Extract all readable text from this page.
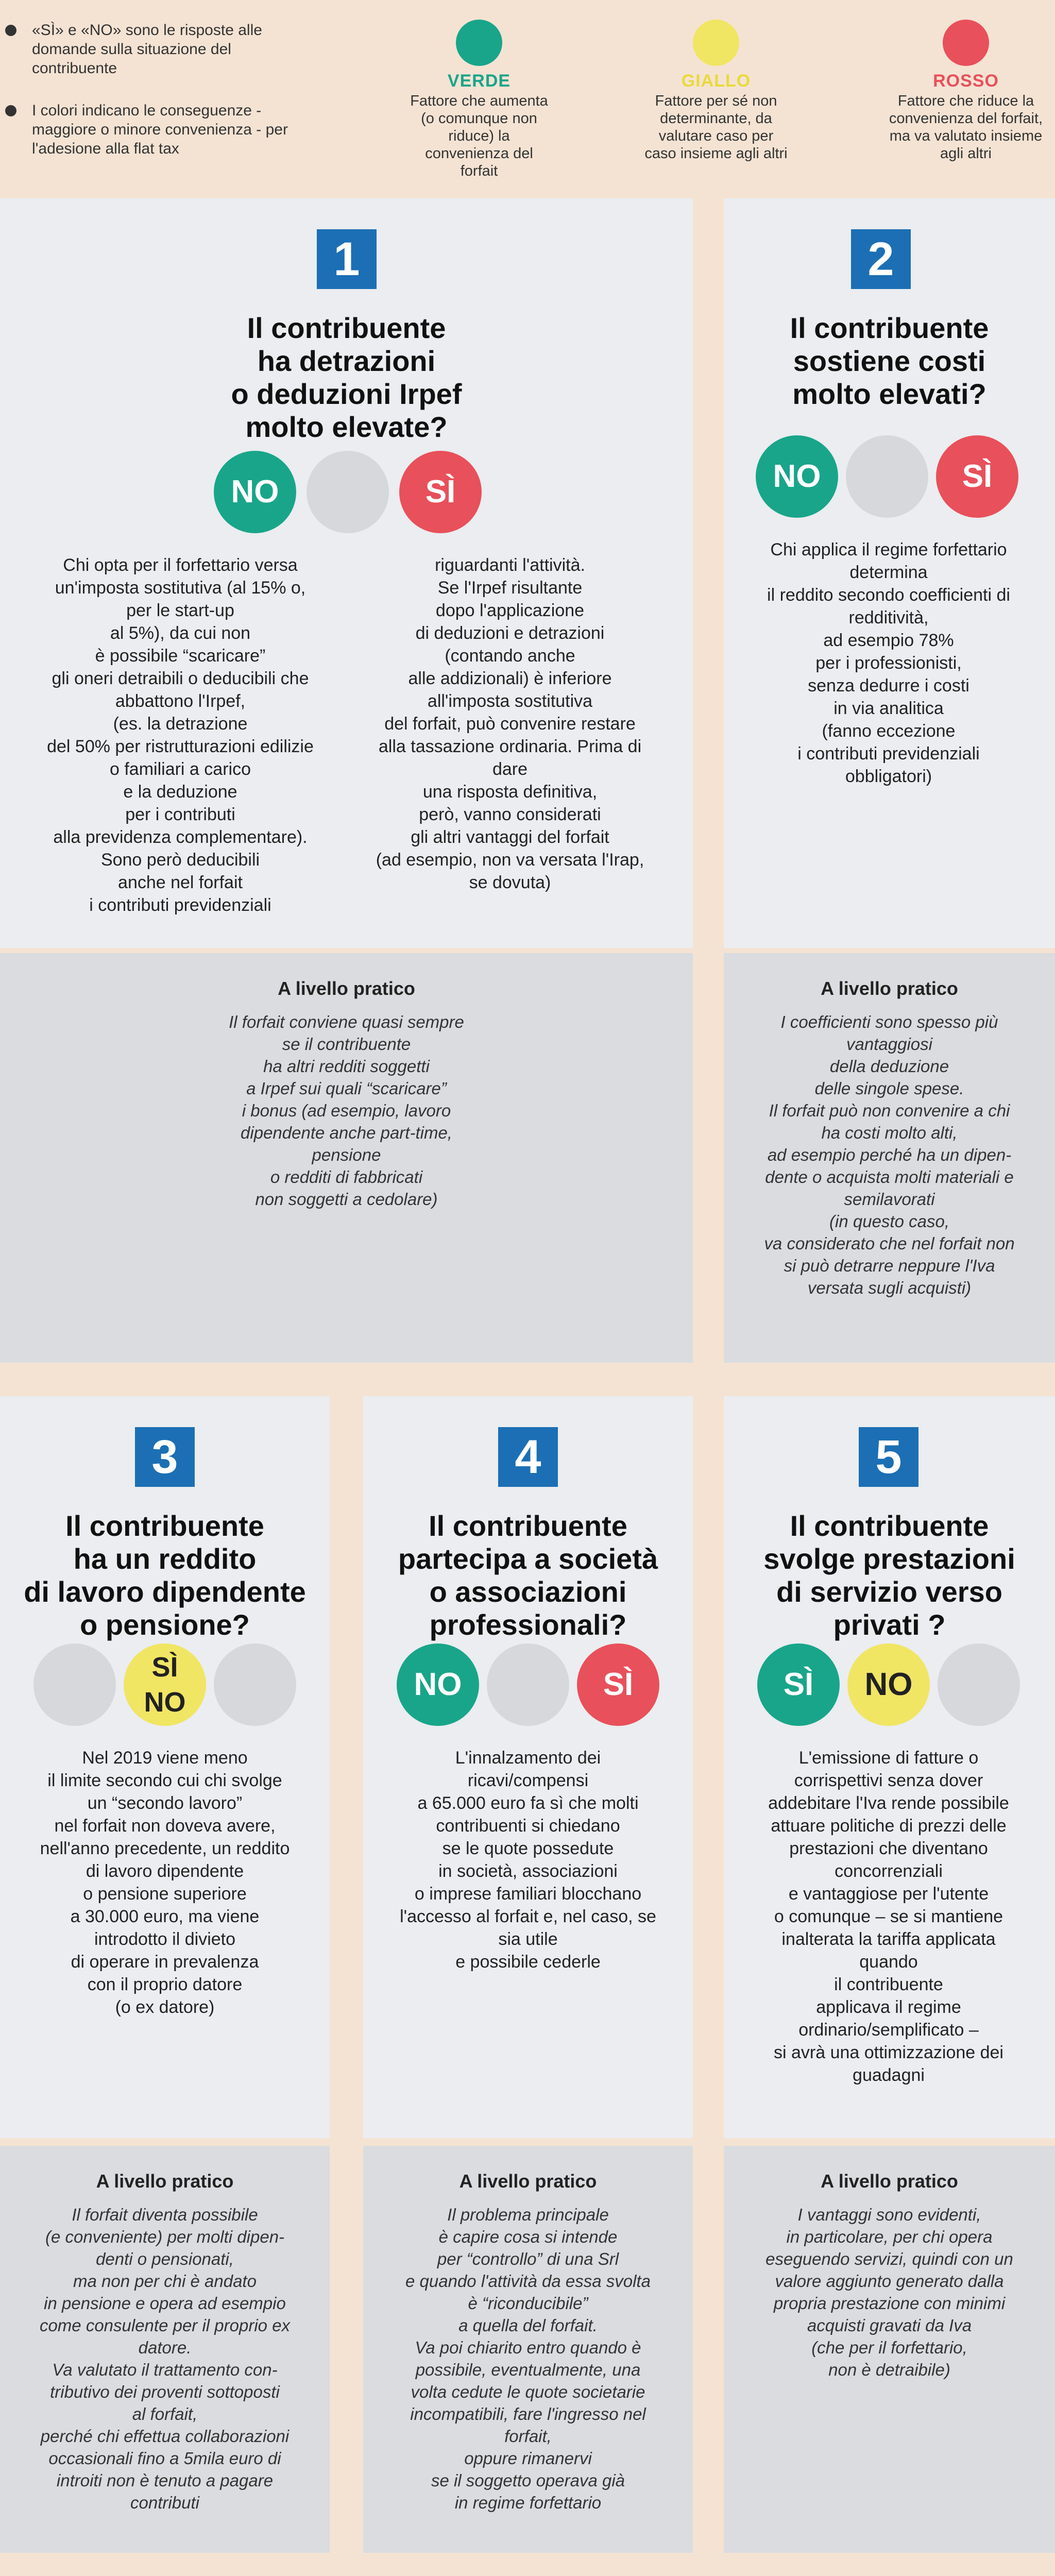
«SÌ» e «NO» sono le risposte alle domande sulla situazione del contribuente
I colori indicano le conseguenze - maggiore o minore convenienza - per l'adesione alla flat tax
VERDE
Fattore che aumenta (o comunque non riduce) la convenienza del forfait
GIALLO
Fattore per sé non determinante, da valutare caso per caso insieme agli altri
ROSSO
Fattore che riduce la convenienza del forfait, ma va valutato insieme agli altri
1
Il contribuente
ha detrazioni
o deduzioni Irpef
molto elevate?
NO	SÌ
Chi opta per il forfettario versa
un'imposta sostitutiva (al 15% o,
per le start-up
al 5%), da cui non
è possibile “scaricare”
gli oneri detraibili o deducibili che
abbattono l'Irpef,
(es. la detrazione
del 50% per ristrutturazioni edilizie
o familiari a carico
e la deduzione
per i contributi
alla previdenza complementare).
Sono però deducibili
anche nel forfait
i contributi previdenziali
riguardanti l'attività.
Se l'Irpef risultante
dopo l'applicazione
di deduzioni e detrazioni
(contando anche
alle addizionali) è inferiore
all'imposta sostitutiva
del forfait, può convenire restare
alla tassazione ordinaria. Prima di
dare
una risposta definitiva,
però, vanno considerati
gli altri vantaggi del forfait
(ad esempio, non va versata l'Irap,
se dovuta)
2
Il contribuente
sostiene costi
molto elevati?
NO	SÌ
Chi applica il regime forfettario
determina
il reddito secondo coefficienti di
redditività,
ad esempio 78%
per i professionisti,
senza dedurre i costi
in via analitica
(fanno eccezione
i contributi previdenziali
obbligatori)
A livello pratico
Il forfait conviene quasi sempre
se il contribuente
ha altri redditi soggetti
a Irpef sui quali “scaricare”
i bonus (ad esempio, lavoro
dipendente anche part-time,
pensione
o redditi di fabbricati
non soggetti a cedolare)
A livello pratico
I coefficienti sono spesso più
vantaggiosi
della deduzione
delle singole spese.
Il forfait può non convenire a chi
ha costi molto alti,
ad esempio perché ha un dipen-
dente o acquista molti materiali e
semilavorati
(in questo caso,
va considerato che nel forfait non
si può detrarre neppure l'Iva
versata sugli acquisti)
3
Il contribuente
ha un reddito
di lavoro dipendente
o pensione?
SÌ
NO
Nel 2019 viene meno
il limite secondo cui chi svolge
un “secondo lavoro”
nel forfait non doveva avere,
nell'anno precedente, un reddito
di lavoro dipendente
o pensione superiore
a 30.000 euro, ma viene
introdotto il divieto
di operare in prevalenza
con il proprio datore
(o ex datore)
4
Il contribuente
partecipa a società
o associazioni
professionali?
NO	SÌ
L'innalzamento dei
ricavi/compensi
a 65.000 euro fa sì che molti
contribuenti si chiedano
se le quote possedute
in società, associazioni
o imprese familiari blocchano
l'accesso al forfait e, nel caso, se
sia utile
e possibile cederle
5
Il contribuente
svolge prestazioni
di servizio verso
privati ?
SÌ	NO
L'emissione di fatture o
corrispettivi senza dover
addebitare l'Iva rende possibile
attuare politiche di prezzi delle
prestazioni che diventano
concorrenziali
e vantaggiose per l'utente
o comunque – se si mantiene
inalterata la tariffa applicata
quando
il contribuente
applicava il regime
ordinario/semplificato –
si avrà una ottimizzazione dei
guadagni
A livello pratico
Il forfait diventa possibile
(e conveniente) per molti dipen-
denti o pensionati,
ma non per chi è andato
in pensione e opera ad esempio
come consulente per il proprio ex
datore.
Va valutato il trattamento con-
tributivo dei proventi sottoposti
al forfait,
perché chi effettua collaborazioni
occasionali fino a 5mila euro di
introiti non è tenuto a pagare
contributi
A livello pratico
Il problema principale
è capire cosa si intende
per “controllo” di una Srl
e quando l'attività da essa svolta
è “riconducibile”
a quella del forfait.
Va poi chiarito entro quando è
possibile, eventualmente, una
volta cedute le quote societarie
incompatibili, fare l'ingresso nel
forfait,
oppure rimanervi
se il soggetto operava già
in regime forfettario
A livello pratico
I vantaggi sono evidenti,
in particolare, per chi opera
eseguendo servizi, quindi con un
valore aggiunto generato dalla
propria prestazione con minimi
acquisti gravati da Iva
(che per il forfettario,
non è detraibile)
